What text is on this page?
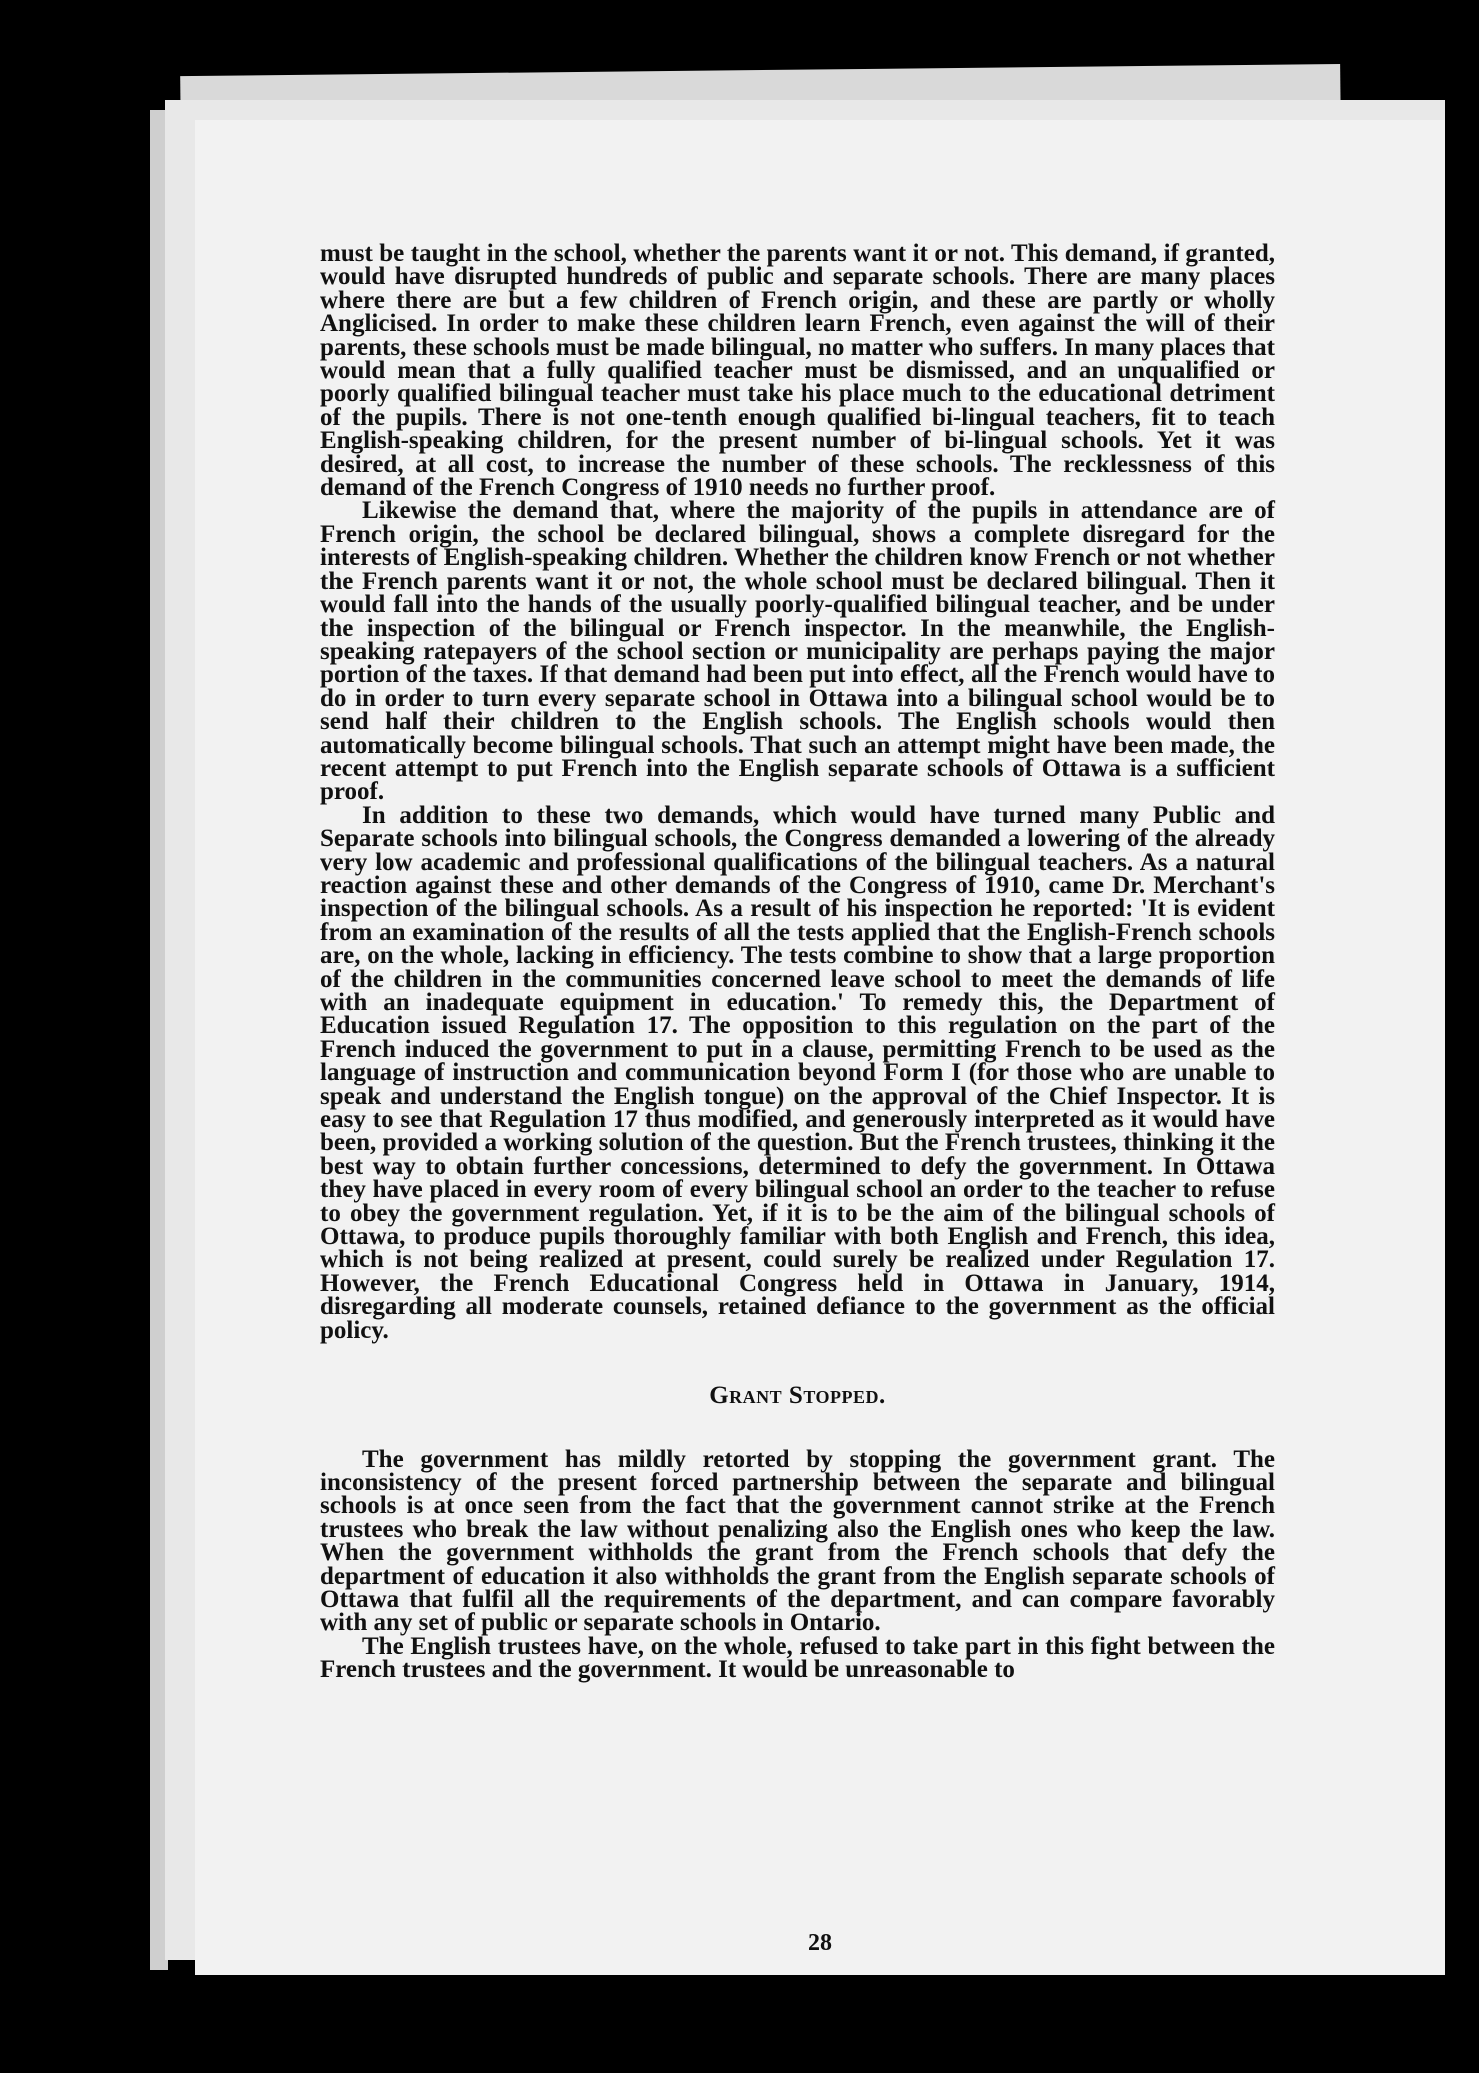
must be taught in the school, whether the parents want it or not. This demand, if granted, would have disrupted hundreds of public and separate schools. There are many places where there are but a few children of French origin, and these are partly or wholly Anglicised. In order to make these children learn French, even against the will of their parents, these schools must be made bilingual, no matter who suffers. In many places that would mean that a fully qualified teacher must be dismissed, and an unqualified or poorly qualified bilingual teacher must take his place much to the educational detriment of the pupils. There is not one-tenth enough qualified bi-lingual teachers, fit to teach English-speaking children, for the present number of bi-lingual schools. Yet it was desired, at all cost, to increase the number of these schools. The recklessness of this demand of the French Congress of 1910 needs no further proof.

Likewise the demand that, where the majority of the pupils in attendance are of French origin, the school be declared bilingual, shows a complete disregard for the interests of English-speaking children. Whether the children know French or not whether the French parents want it or not, the whole school must be declared bilingual. Then it would fall into the hands of the usually poorly-qualified bilingual teacher, and be under the inspection of the bilingual or French inspector. In the meanwhile, the English-speaking ratepayers of the school section or municipality are perhaps paying the major portion of the taxes. If that demand had been put into effect, all the French would have to do in order to turn every separate school in Ottawa into a bilingual school would be to send half their children to the English schools. The English schools would then automatically become bilingual schools. That such an attempt might have been made, the recent attempt to put French into the English separate schools of Ottawa is a sufficient proof.

In addition to these two demands, which would have turned many Public and Separate schools into bilingual schools, the Congress demanded a lowering of the already very low academic and professional qualifications of the bilingual teachers. As a natural reaction against these and other demands of the Congress of 1910, came Dr. Merchant's inspection of the bilingual schools. As a result of his inspection he reported: 'It is evident from an examination of the results of all the tests applied that the English-French schools are, on the whole, lacking in efficiency. The tests combine to show that a large proportion of the children in the communities concerned leave school to meet the demands of life with an inadequate equipment in education.' To remedy this, the Department of Education issued Regulation 17. The opposition to this regulation on the part of the French induced the government to put in a clause, permitting French to be used as the language of instruction and communication beyond Form I (for those who are unable to speak and understand the English tongue) on the approval of the Chief Inspector. It is easy to see that Regulation 17 thus modified, and generously interpreted as it would have been, provided a working solution of the question. But the French trustees, thinking it the best way to obtain further concessions, determined to defy the government. In Ottawa they have placed in every room of every bilingual school an order to the teacher to refuse to obey the government regulation. Yet, if it is to be the aim of the bilingual schools of Ottawa, to produce pupils thoroughly familiar with both English and French, this idea, which is not being realized at present, could surely be realized under Regulation 17. However, the French Educational Congress held in Ottawa in January, 1914, disregarding all moderate counsels, retained defiance to the government as the official policy.

Grant Stopped.

The government has mildly retorted by stopping the government grant. The inconsistency of the present forced partnership between the separate and bilingual schools is at once seen from the fact that the government cannot strike at the French trustees who break the law without penalizing also the English ones who keep the law. When the government withholds the grant from the French schools that defy the department of education it also withholds the grant from the English separate schools of Ottawa that fulfil all the requirements of the department, and can compare favorably with any set of public or separate schools in Ontario.

The English trustees have, on the whole, refused to take part in this fight between the French trustees and the government. It would be unreasonable to

28
